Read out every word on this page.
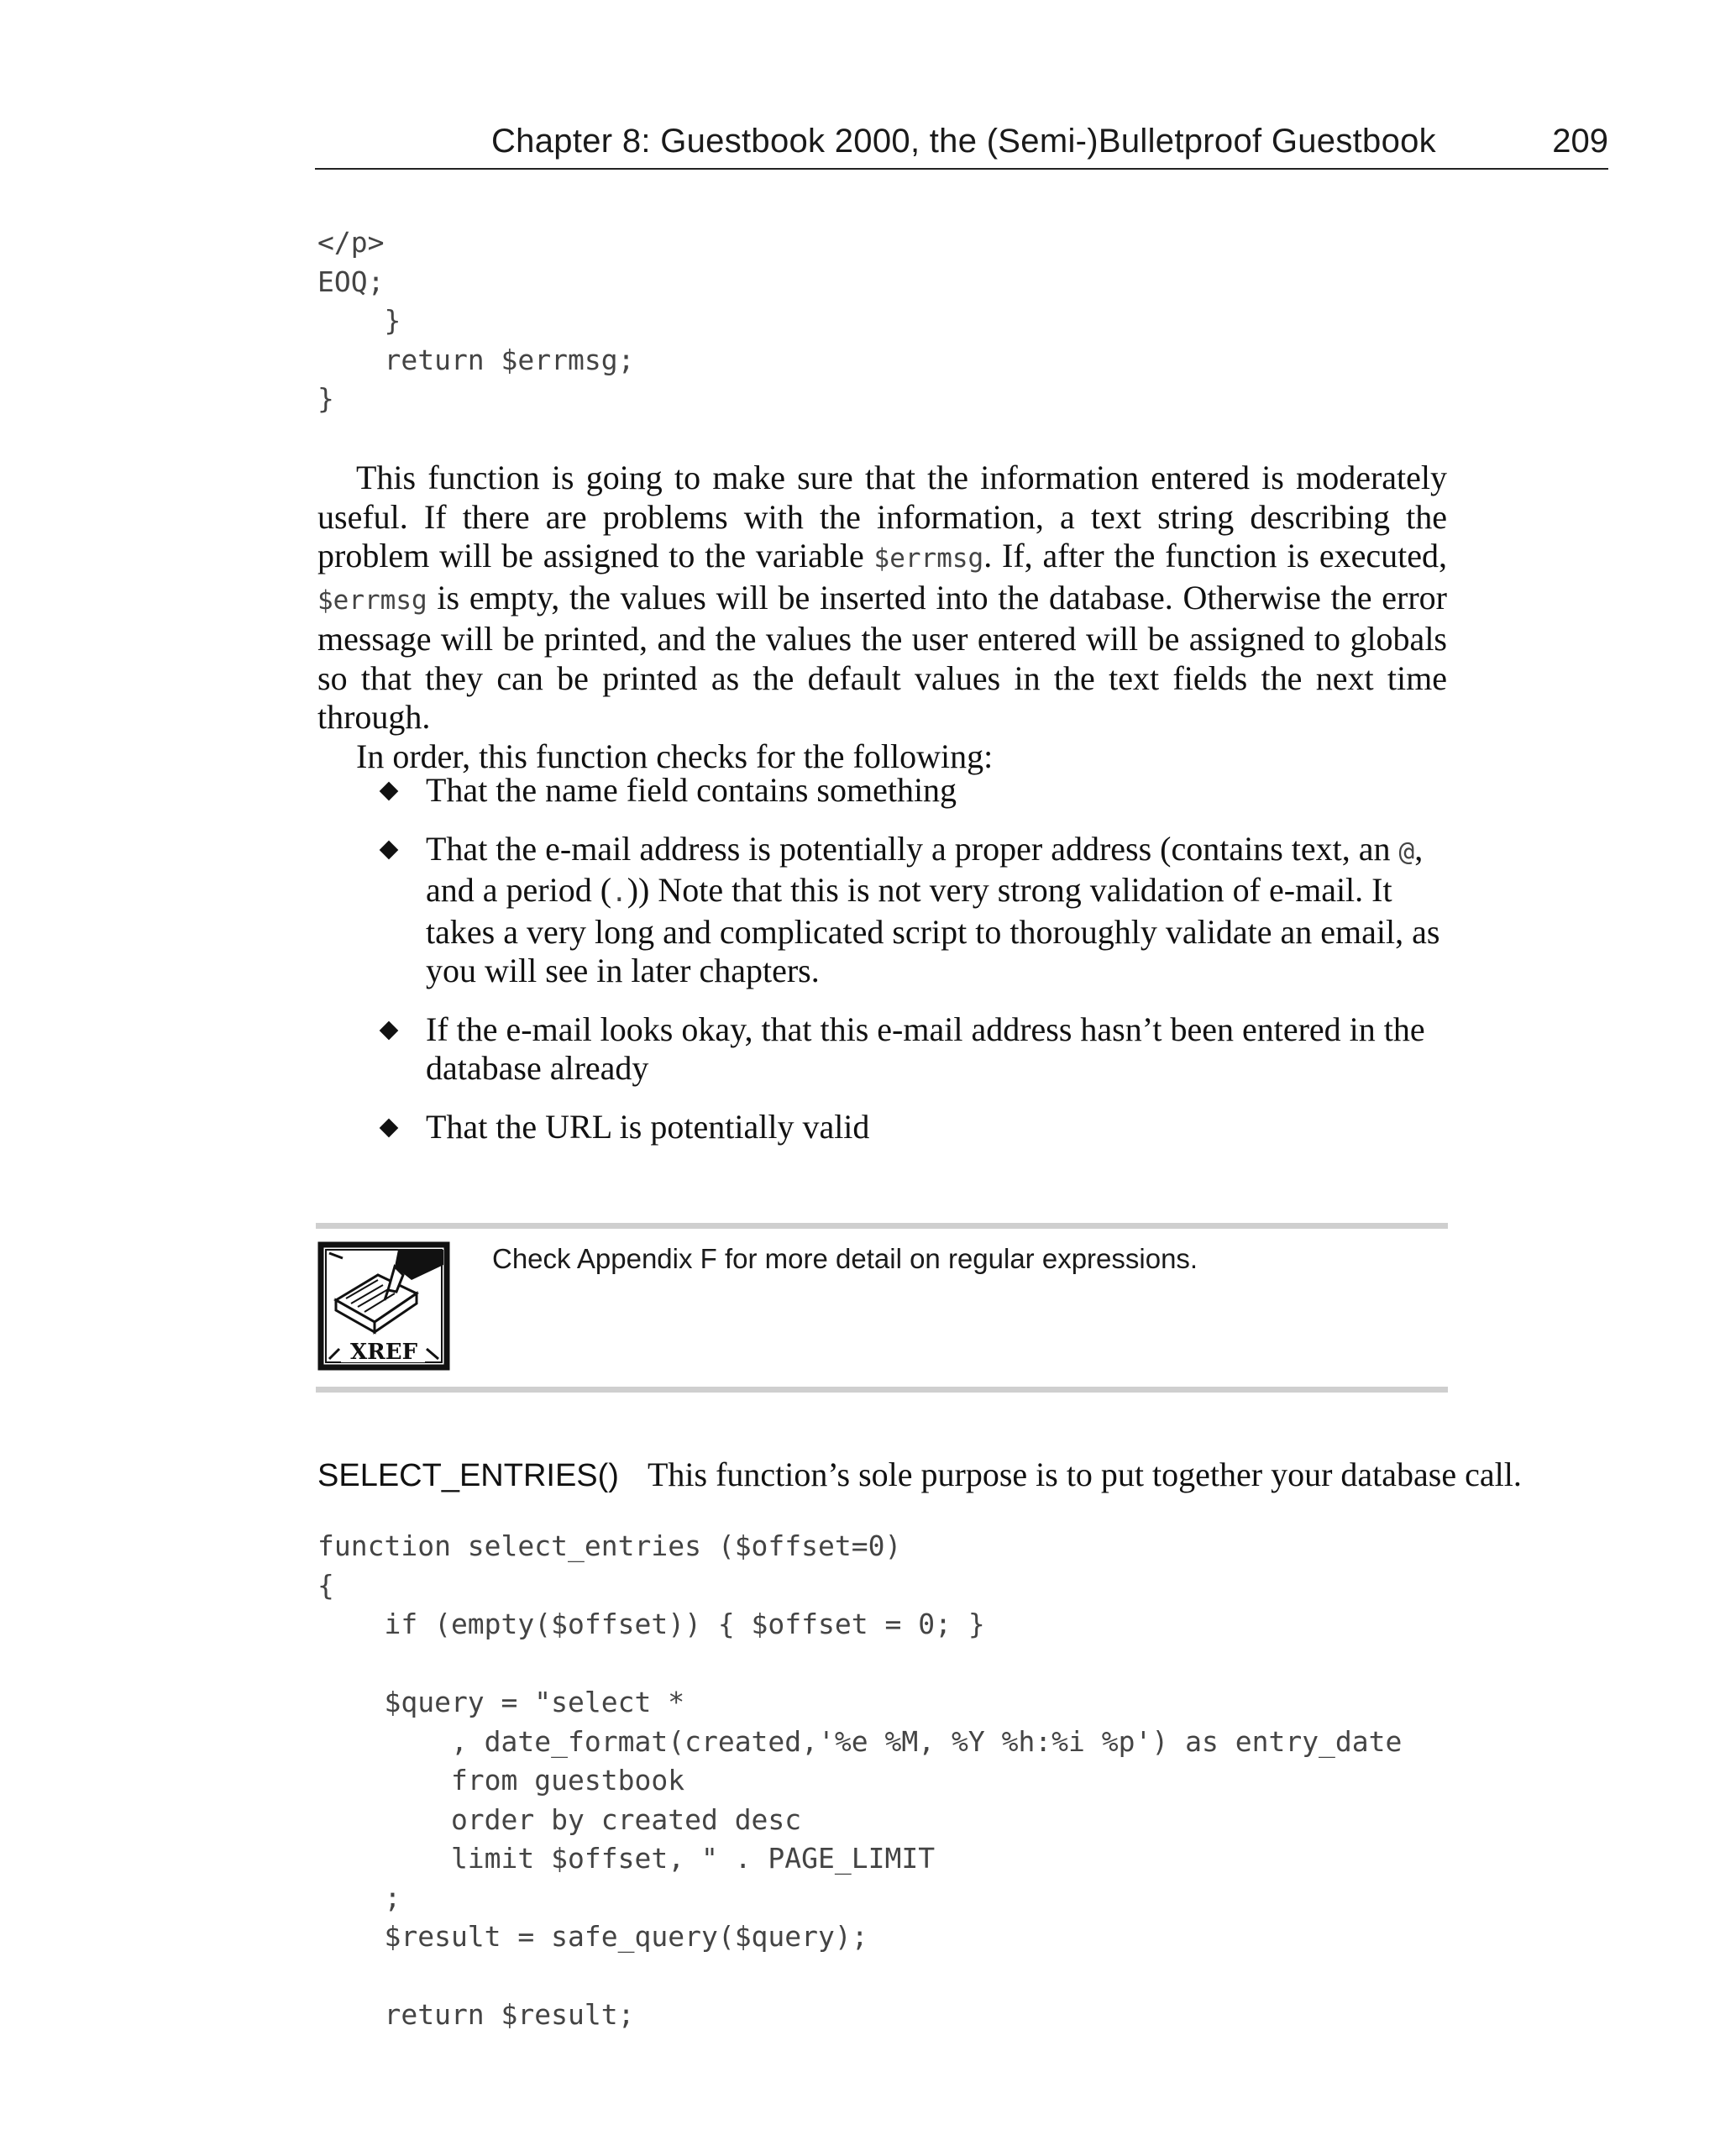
Chapter 8: Guestbook 2000, the (Semi-)Bulletproof Guestbook	209
</p>
EOQ;
}
return $errmsg;
}

This function is going to make sure that the information entered is moderately useful. If there are problems with the information, a text string describing the problem will be assigned to the variable $errmsg. If, after the function is executed, $errmsg is empty, the values will be inserted into the database. Otherwise the error message will be printed, and the values the user entered will be assigned to globals so that they can be printed as the default values in the text fields the next time through.

In order, this function checks for the following:

That the name field contains something
That the e-mail address is potentially a proper address (contains text, an @, and a period (.)) Note that this is not very strong validation of e-mail. It takes a very long and complicated script to thoroughly validate an email, as you will see in later chapters.
If the e-mail looks okay, that this e-mail address hasn’t been entered in the database already
That the URL is potentially valid
XREF
Check Appendix F for more detail on regular expressions.
SELECT_ENTRIES() This function’s sole purpose is to put together your database call.
function select_entries ($offset=0)
{
if (empty($offset)) { $offset = 0; }
$query = "select *
, date_format(created,'%e %M, %Y %h:%i %p') as entry_date
from guestbook
order by created desc
limit $offset, " . PAGE_LIMIT
;
$result = safe_query($query);
return $result;
